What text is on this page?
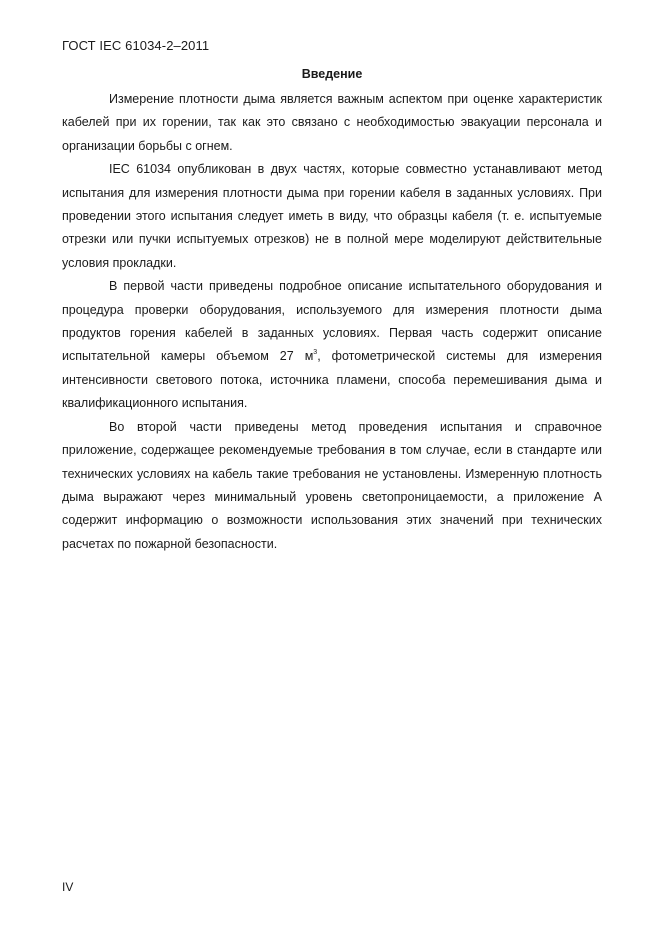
ГОСТ IEC 61034-2–2011
Введение

Измерение плотности дыма является важным аспектом при оценке характеристик кабелей при их горении, так как это связано с необходимостью эвакуации персонала и организации борьбы с огнем.

IEC 61034 опубликован в двух частях, которые совместно устанавливают метод испытания для измерения плотности дыма при горении кабеля в заданных условиях. При проведении этого испытания следует иметь в виду, что образцы кабеля (т. е. испытуемые отрезки или пучки испытуемых отрезков) не в полной мере моделируют действительные условия прокладки.

В первой части приведены подробное описание испытательного оборудования и процедура проверки оборудования, используемого для измерения плотности дыма продуктов горения кабелей в заданных условиях. Первая часть содержит описание испытательной камеры объемом 27 $м^3$, фотометрической системы для измерения интенсивности светового потока, источника пламени, способа перемешивания дыма и квалификационного испытания.

Во второй части приведены метод проведения испытания и справочное приложение, содержащее рекомендуемые требования в том случае, если в стандарте или технических условиях на кабель такие требования не установлены. Измеренную плотность дыма выражают через минимальный уровень светопроницаемости, а приложение А содержит информацию о возможности использования этих значений при технических расчетах по пожарной безопасности.

IV
